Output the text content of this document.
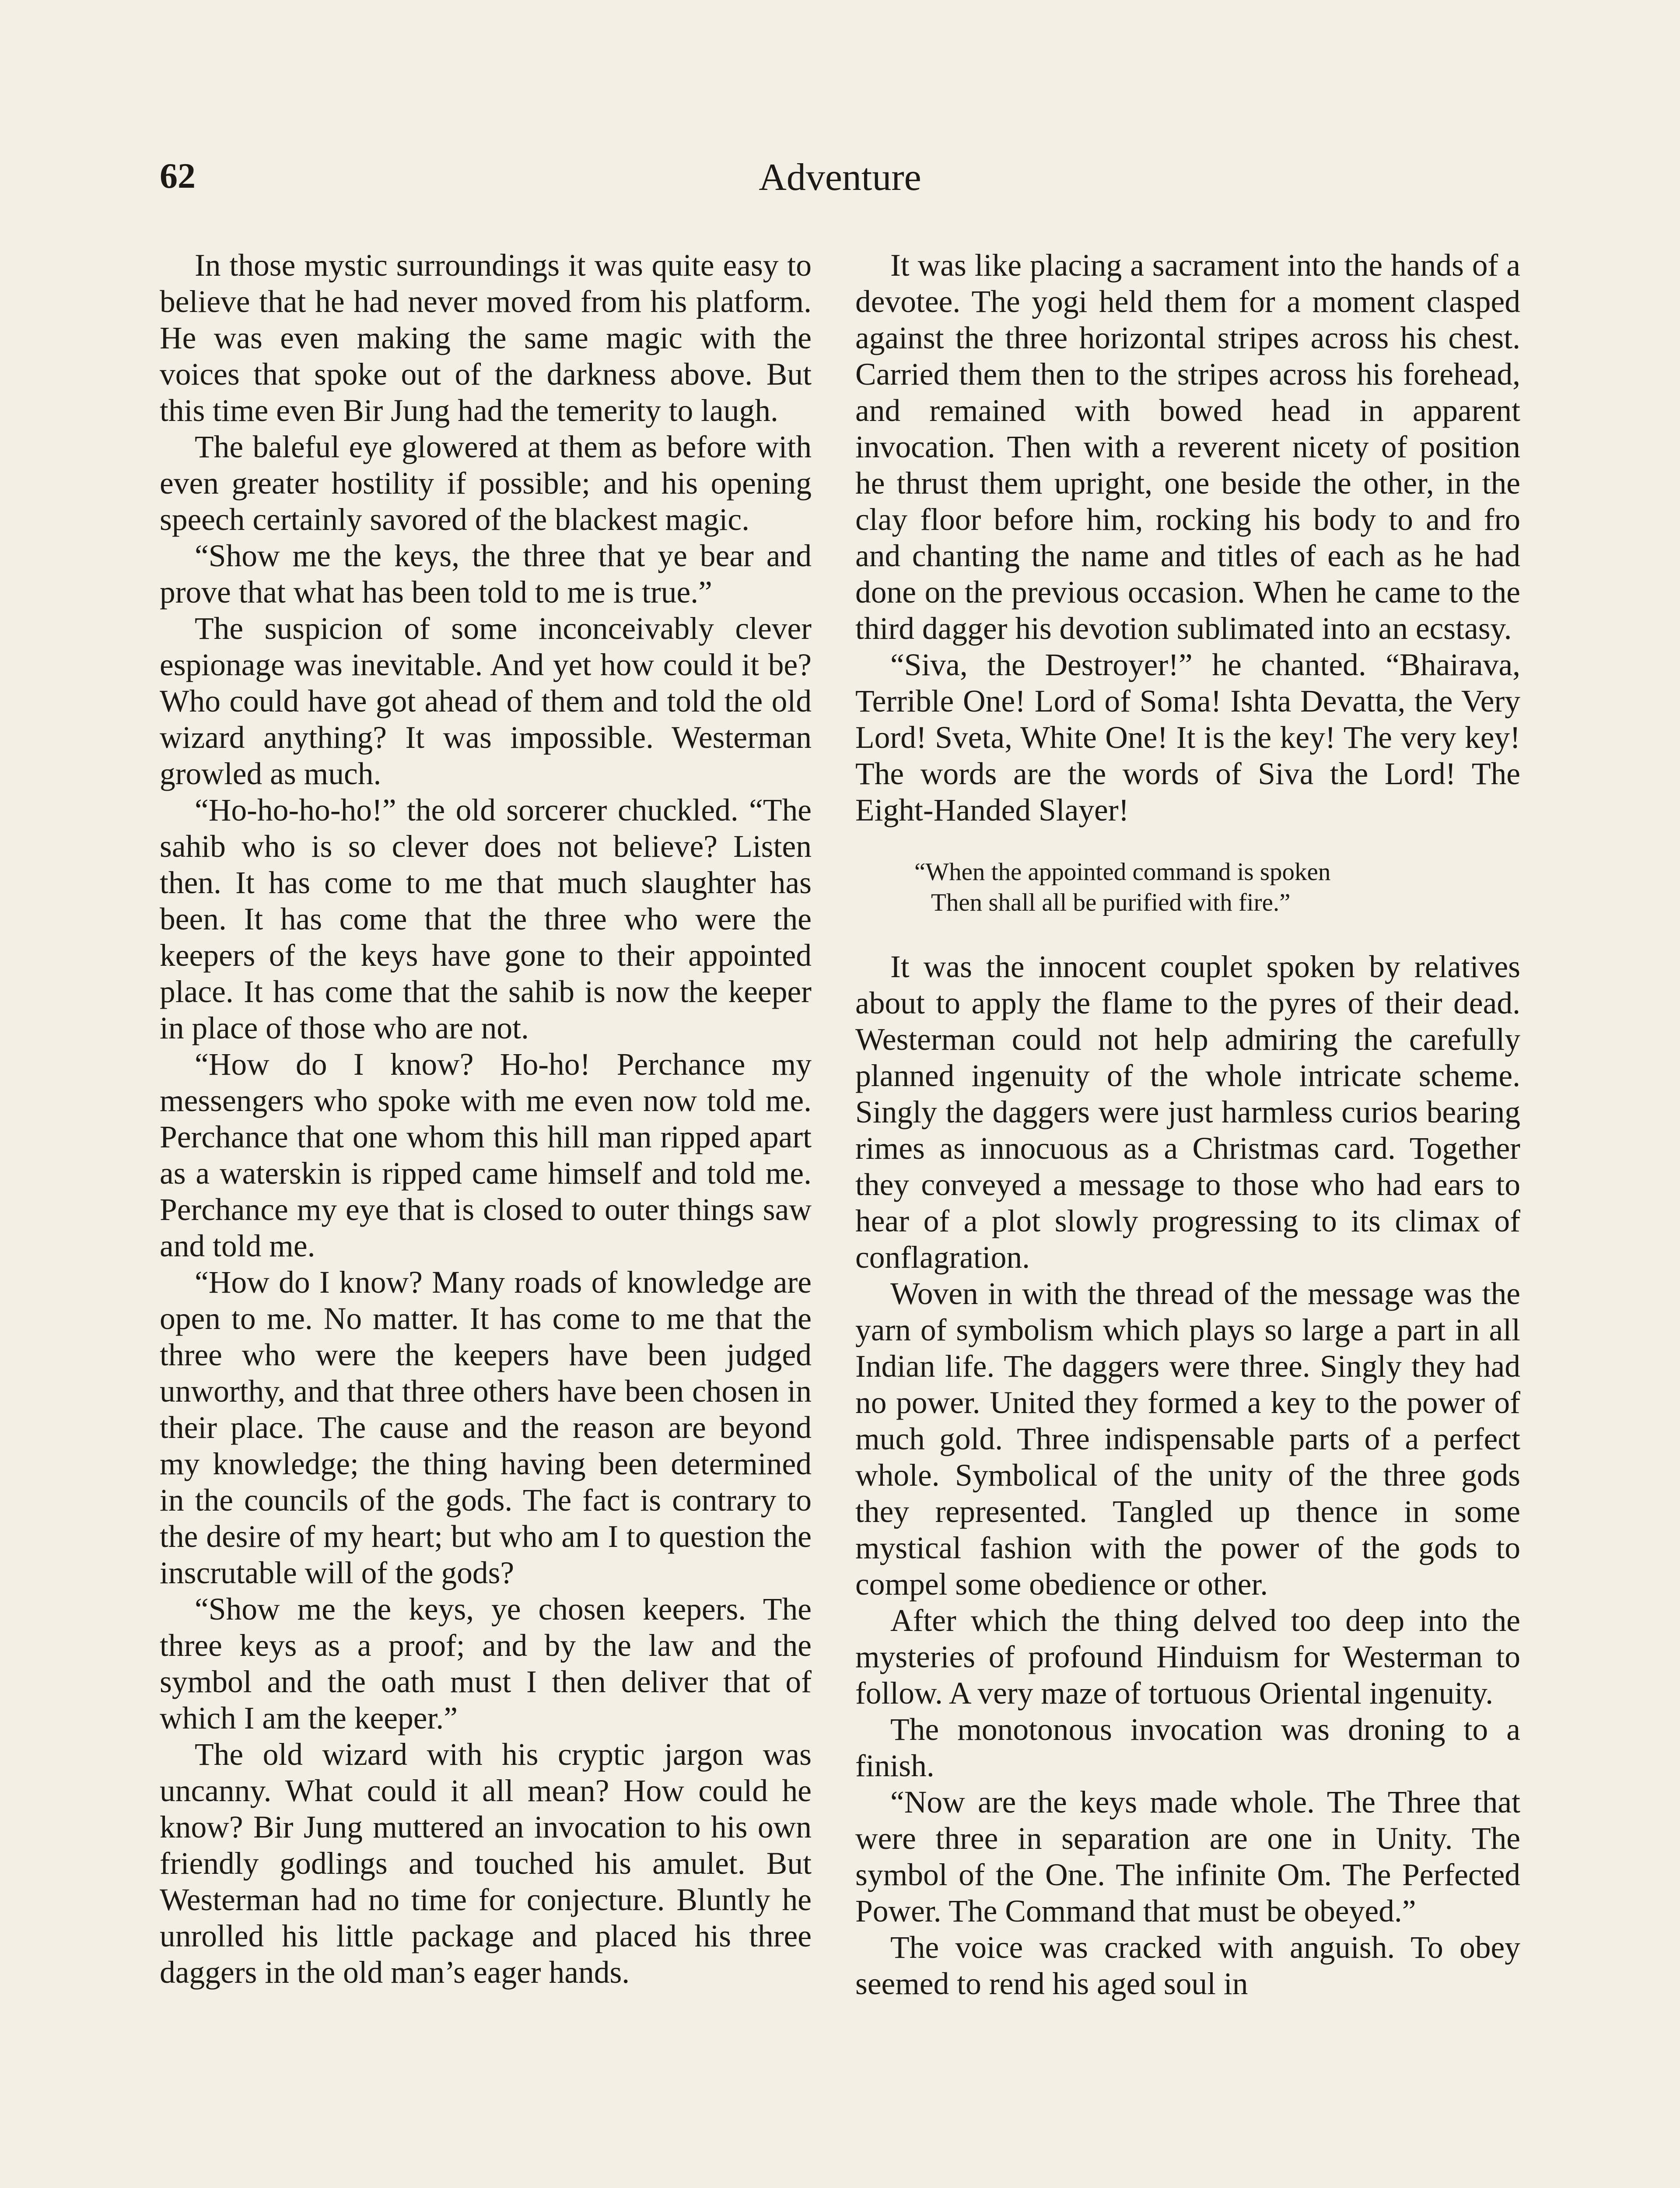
62	Adventure

In those mystic surroundings it was quite easy to believe that he had never moved from his platform. He was even making the same magic with the voices that spoke out of the darkness above. But this time even Bir Jung had the temerity to laugh.

The baleful eye glowered at them as before with even greater hostility if possible; and his opening speech certainly savored of the blackest magic.

“Show me the keys, the three that ye bear and prove that what has been told to me is true.”

The suspicion of some inconceivably clever espionage was inevitable. And yet how could it be? Who could have got ahead of them and told the old wizard anything? It was impossible. Westerman growled as much.

“Ho-ho-ho-ho!” the old sorcerer chuckled. “The sahib who is so clever does not believe? Listen then. It has come to me that much slaughter has been. It has come that the three who were the keepers of the keys have gone to their appointed place. It has come that the sahib is now the keeper in place of those who are not.

“How do I know? Ho-ho! Perchance my messengers who spoke with me even now told me. Perchance that one whom this hill man ripped apart as a waterskin is ripped came himself and told me. Perchance my eye that is closed to outer things saw and told me.

“How do I know? Many roads of knowledge are open to me. No matter. It has come to me that the three who were the keepers have been judged unworthy, and that three others have been chosen in their place. The cause and the reason are beyond my knowledge; the thing having been determined in the councils of the gods. The fact is contrary to the desire of my heart; but who am I to question the inscrutable will of the gods?

“Show me the keys, ye chosen keepers. The three keys as a proof; and by the law and the symbol and the oath must I then deliver that of which I am the keeper.”

The old wizard with his cryptic jargon was uncanny. What could it all mean? How could he know? Bir Jung muttered an invocation to his own friendly godlings and touched his amulet. But Westerman had no time for conjecture. Bluntly he unrolled his little package and placed his three daggers in the old man’s eager hands.

It was like placing a sacrament into the hands of a devotee. The yogi held them for a moment clasped against the three horizontal stripes across his chest. Carried them then to the stripes across his forehead, and remained with bowed head in apparent invocation. Then with a reverent nicety of position he thrust them upright, one beside the other, in the clay floor before him, rocking his body to and fro and chanting the name and titles of each as he had done on the previous occasion. When he came to the third dagger his devotion sublimated into an ecstasy.

“Siva, the Destroyer!” he chanted. “Bhairava, Terrible One! Lord of Soma! Ishta Devatta, the Very Lord! Sveta, White One! It is the key! The very key! The words are the words of Siva the Lord! The Eight-Handed Slayer!

“When the appointed command is spoken
Then shall all be purified with fire.”

It was the innocent couplet spoken by relatives about to apply the flame to the pyres of their dead. Westerman could not help admiring the carefully planned ingenuity of the whole intricate scheme. Singly the daggers were just harmless curios bearing rimes as innocuous as a Christmas card. Together they conveyed a message to those who had ears to hear of a plot slowly progressing to its climax of conflagration.

Woven in with the thread of the message was the yarn of symbolism which plays so large a part in all Indian life. The daggers were three. Singly they had no power. United they formed a key to the power of much gold. Three indispensable parts of a perfect whole. Symbolical of the unity of the three gods they represented. Tangled up thence in some mystical fashion with the power of the gods to compel some obedience or other.

After which the thing delved too deep into the mysteries of profound Hinduism for Westerman to follow. A very maze of tortuous Oriental ingenuity.

The monotonous invocation was droning to a finish.

“Now are the keys made whole. The Three that were three in separation are one in Unity. The symbol of the One. The infinite Om. The Perfected Power. The Command that must be obeyed.”

The voice was cracked with anguish. To obey seemed to rend his aged soul in
